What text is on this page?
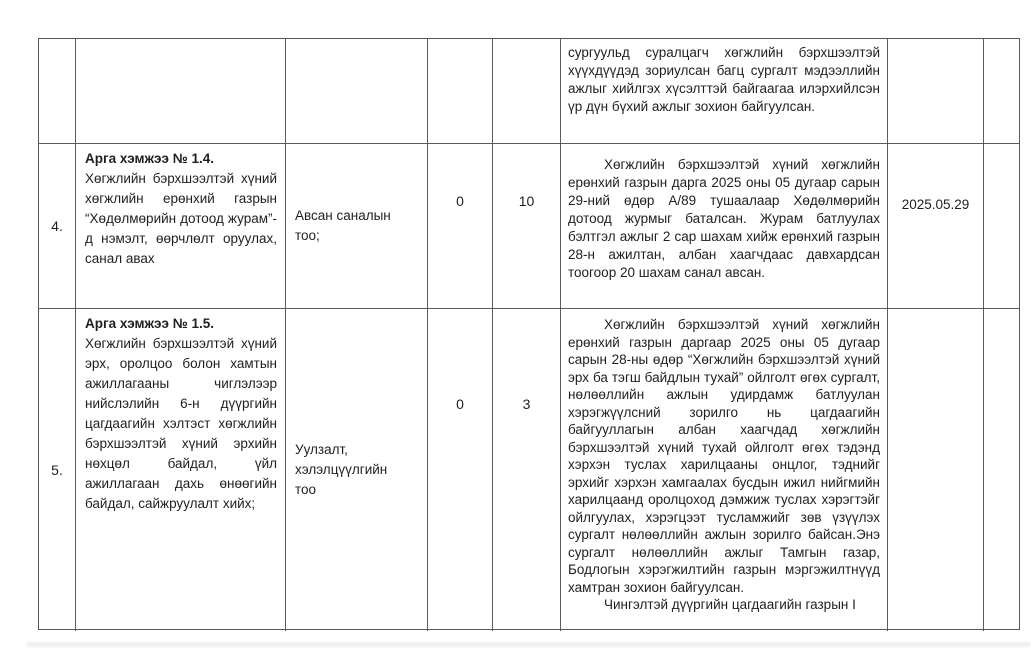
сургуульд суралцагч хөгжлийн бэрхшээлтэй хүүхдүүдэд зориулсан багц сургалт мэдээллийн ажлыг хийлгэх хүсэлттэй байгаагаа илэрхийлсэн үр дүн бүхий ажлыг зохион байгуулсан.

4.
Арга хэмжээ № 1.4.
Хөгжлийн бэрхшээлтэй хүний хөгжлийн ерөнхий газрын “Хөдөлмөрийн дотоод журам”-д нэмэлт, өөрчлөлт оруулах, санал авах
Авсан саналын тоо;
0	10

Хөгжлийн бэрхшээлтэй хүний хөгжлийн ерөнхий газрын дарга 2025 оны 05 дугаар сарын 29-ний өдөр А/89 тушаалаар Хөдөлмөрийн дотоод журмыг баталсан. Журам батлуулах бэлтгэл ажлыг 2 сар шахам хийж ерөнхий газрын 28-н ажилтан, албан хаагчдаас давхардсан тоогоор 20 шахам санал авсан.

2025.05.29
5.
Арга хэмжээ № 1.5.
Хөгжлийн бэрхшээлтэй хүний эрх, оролцоо болон хамтын ажиллагааны чиглэлээр нийслэлийн 6-н дүүргийн цагдаагийн хэлтэст хөгжлийн бэрхшээлтэй хүний эрхийн нөхцөл байдал, үйл ажиллагаан дахь өнөөгийн байдал, сайжруулалт хийх;
Уулзалт, хэлэлцүүлгийн тоо
0	3

Хөгжлийн бэрхшээлтэй хүний хөгжлийн ерөнхий газрын даргаар 2025 оны 05 дугаар сарын 28-ны өдөр “Хөгжлийн бэрхшээлтэй хүний эрх ба тэгш байдлын тухай” ойлголт өгөх сургалт, нөлөөллийн ажлын удирдамж батлуулан хэрэгжүүлсний зорилго нь цагдаагийн байгууллагын албан хаагчдад хөгжлийн бэрхшээлтэй хүний тухай ойлголт өгөх тэдэнд хэрхэн туслах харилцааны онцлог, тэднийг эрхийг хэрхэн хамгаалах бусдын ижил нийгмийн харилцаанд оролцоход дэмжиж туслах хэрэгтэйг ойлгуулах, хэрэгцээт тусламжийг зөв үзүүлэх сургалт нөлөөллийн ажлын зорилго байсан.Энэ сургалт нөлөөллийн ажлыг Тамгын газар, Бодлогын хэрэгжилтийн газрын мэргэжилтнүүд хамтран зохион байгуулсан.

Чингэлтэй дүүргийн цагдаагийн газрын I
